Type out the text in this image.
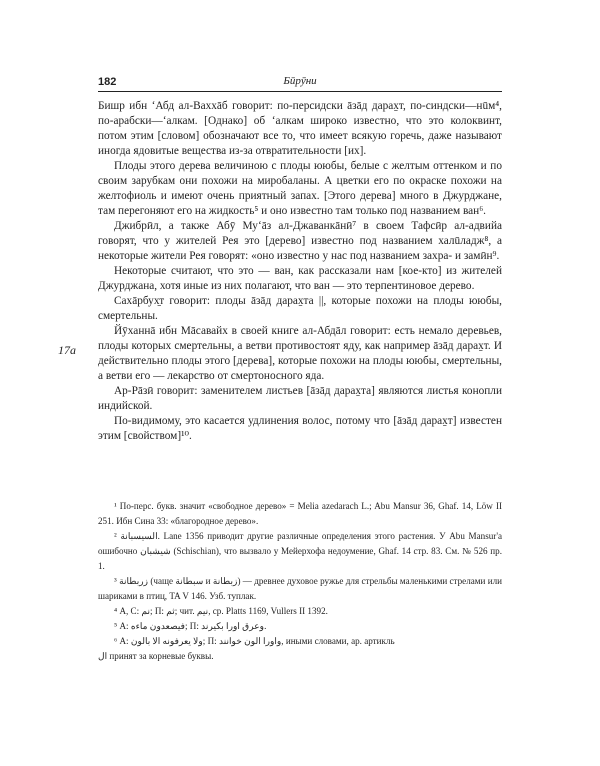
182	Бӣрӯни
17a

Бишр ибн ʻАбд ал-Ваххāб говорит: по-персидски āзāд дараx̱т, по-синдски—нūм⁴, по-арабски—ʻалкам. [Однако] об ʻалкам широко известно, что это колоквинт, потом этим [словом] обозначают все то, что имеет всякую горечь, даже называют иногда ядовитые вещества из-за отвратительности [их].

Плоды этого дерева величиною с плоды ююбы, белые с желтым оттенком и по своим зарубкам они похожи на миробаланы. А цветки его по окраске похожи на желтофиоль и имеют очень приятный запах. [Этого дерева] много в Джурджане, там перегоняют его на жидкость⁵ и оно известно там только под названием ван⁶.

Джибрӣл, а также Абӯ Муʻāз ал-Джаванкāнӣ⁷ в своем Тафсӣр ал-адвийа говорят, что у жителей Рея это [дерево] известно под названием халūладж⁸, а некоторые жители Рея говорят: «оно известно у нас под названием захра- и замӣн⁹.

Некоторые считают, что это — ван, как рассказали нам [кое-кто] из жителей Джурджана, хотя иные из них полагают, что ван — это терпентиновое дерево.

Сахāрбух̱т говорит: плоды āзāд дараx̱та ||, которые похожи на плоды ююбы, смертельны.

Йӯханнā ибн Māсавайх в своей книге ал-Абдāл говорит: есть немало деревьев, плоды которых смертельны, а ветви противостоят яду, как например āзāд дараx̱т. И действительно плоды этого [дерева], которые похожи на плоды ююбы, смертельны, а ветви его — лекарство от смертоносного яда.

Ар-Рāзӣ говорит: заменителем листьев [āзāд дараx̱та] являются листья конопли индийской.

По-видимому, это касается удлинения волос, потому что [āзāд дараx̱т] известен этим [свойством]¹⁰.

¹ По-перс. букв. значит «свободное дерево» = Melia azedarach L.; Abu Mansur 36, Ghaf. 14, Löw II 251. Ибн Сина 33: «благородное дерево».

² السيسبانة. Lane 1356 приводит другие различные определения этого растения. У Abu Mansur'a ошибочно شيشبان (Schischian), что вызвало у Мейерхофа недоумение, Ghaf. 14 стр. 83. См. № 526 пр. 1.

³ زربطانة (чаще سبطانة и زبطانة) — древнее духовое ружье для стрельбы маленькими стрелами или шариками в птиц, TA V 146. Узб. туплак.

⁴ А, С: نم; П: ثم; чит. نيم, ср. Platts 1169, Vullers II 1392.

⁵ А: فيصعدون ماءه; П: وعرق اورا بكيرند.

⁶ А: ولا يعرفونه الا بالون; П: واورا الون خوانند, иными словами, ар. артикль

ال принят за корневые буквы.
